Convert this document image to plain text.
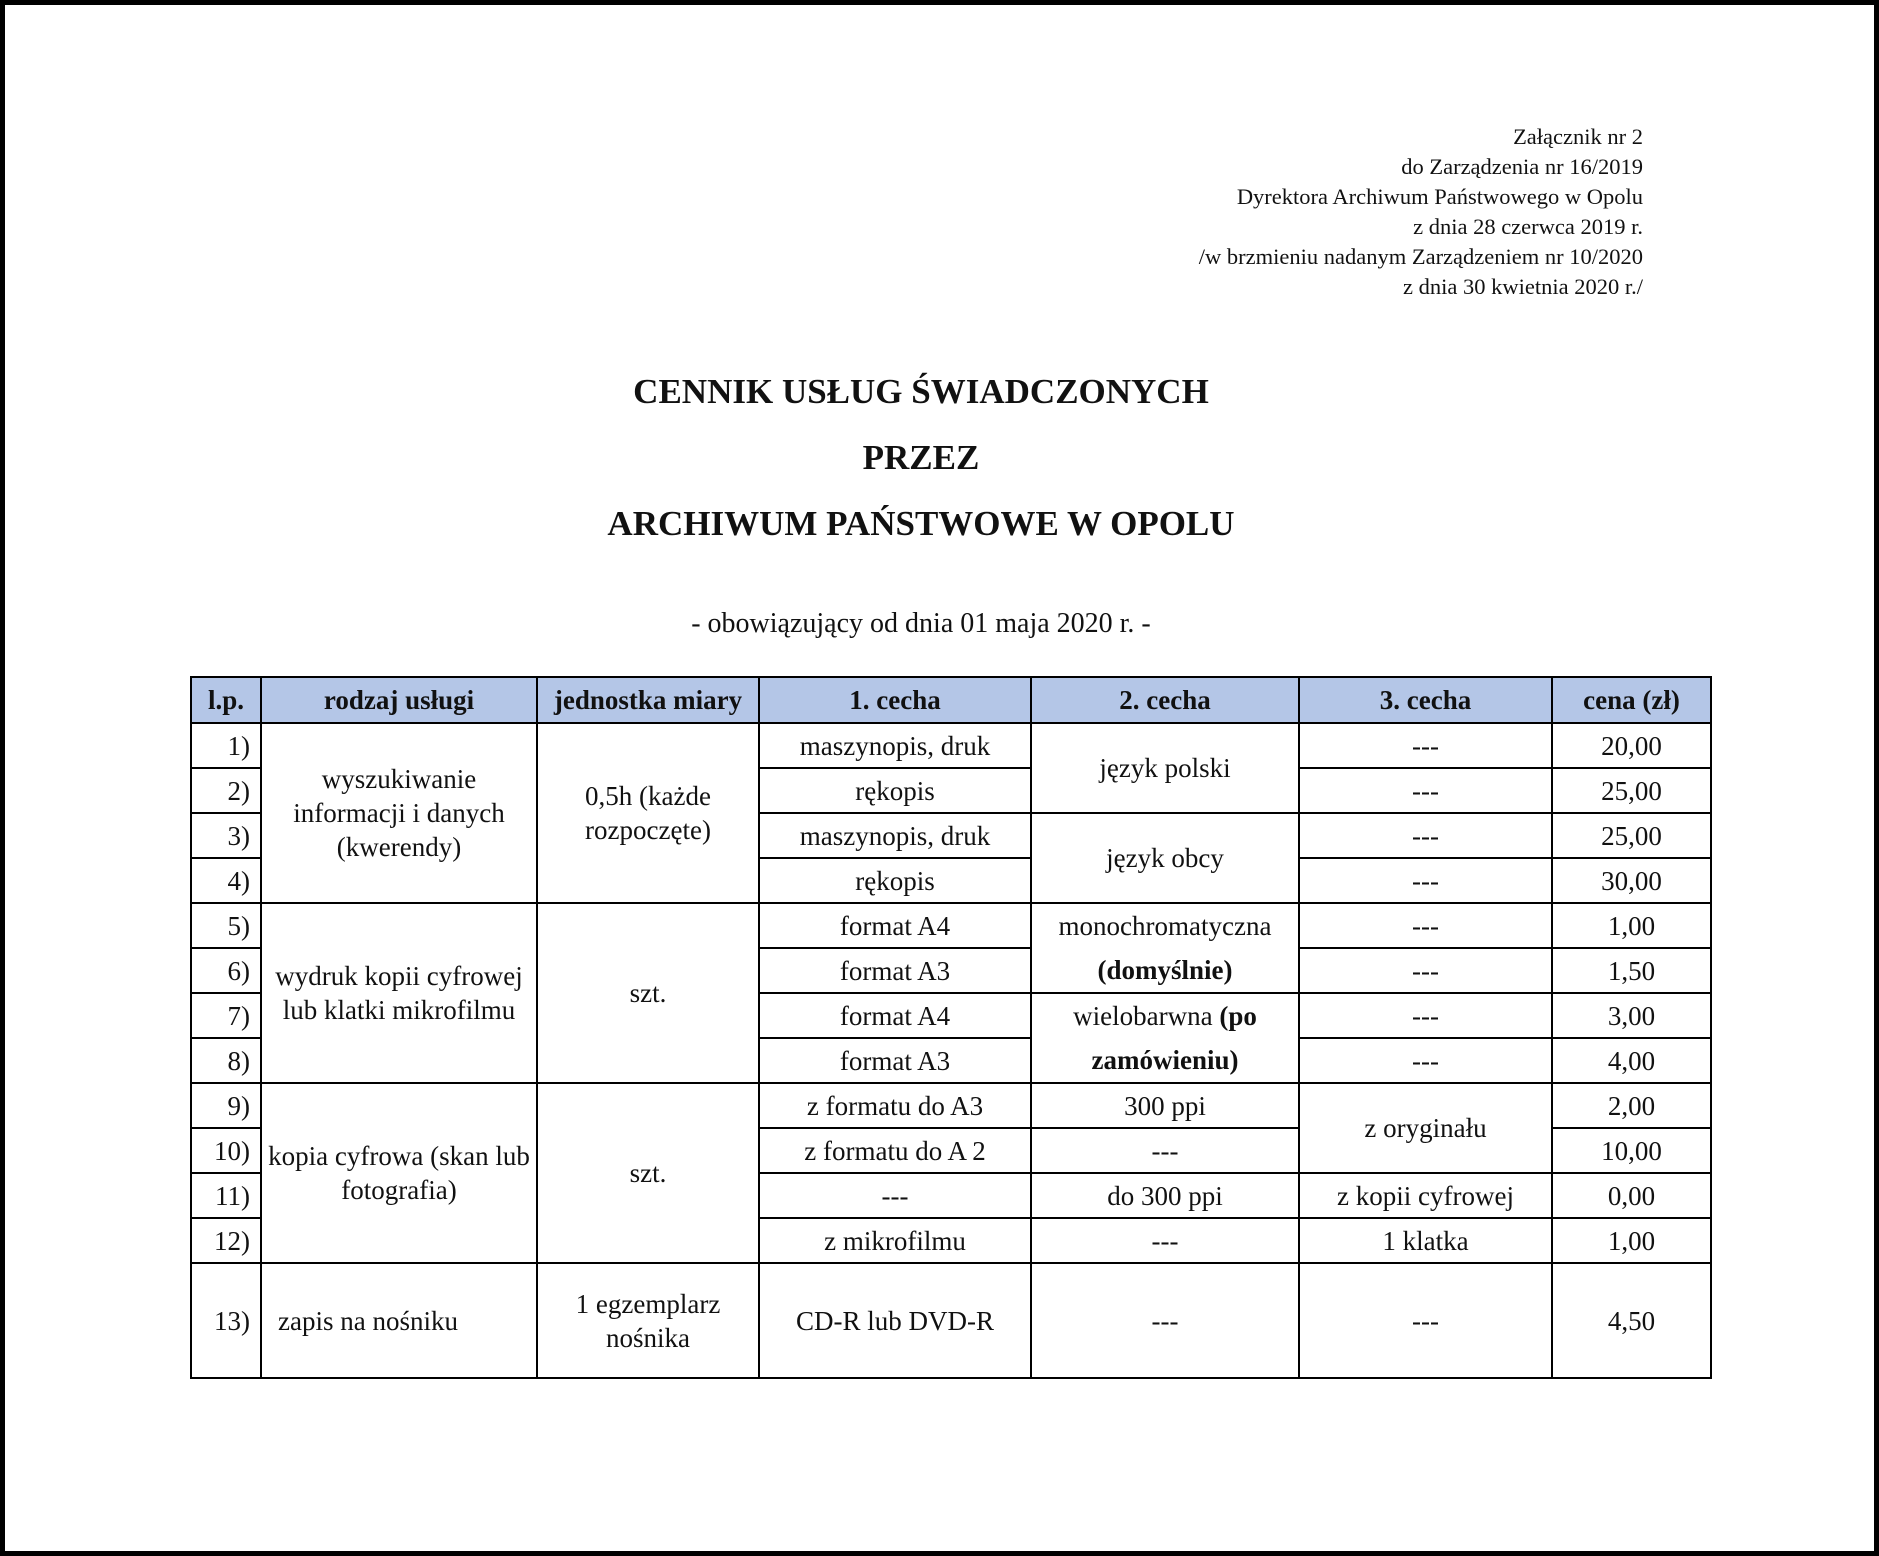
Załącznik nr 2
do Zarządzenia nr 16/2019
Dyrektora Archiwum Państwowego w Opolu
z dnia 28 czerwca 2019 r.
/w brzmieniu nadanym Zarządzeniem nr 10/2020
z dnia 30 kwietnia 2020 r./
CENNIK USŁUG ŚWIADCZONYCH
PRZEZ
ARCHIWUM PAŃSTWOWE W OPOLU
- obowiązujący od dnia 01 maja 2020 r. -
l.p.	rodzaj usługi	jednostka miary	1. cecha	2. cecha	3. cecha	cena (zł)
1)	wyszukiwanie informacji i danych (kwerendy)	0,5h (każde rozpoczęte)	maszynopis, druk	język polski	---	20,00
2)			rękopis		---	25,00
3)			maszynopis, druk	język obcy	---	25,00
4)			rękopis		---	30,00
5)	wydruk kopii cyfrowej lub klatki mikrofilmu	szt.	format A4	monochromatyczna	---	1,00
6)			format A3	(domyślnie)	---	1,50
7)			format A4	wielobarwna (po	---	3,00
8)			format A3	zamówieniu)	---	4,00
9)	kopia cyfrowa (skan lub fotografia)	szt.	z formatu do A3	300 ppi	z oryginału	2,00
10)			z formatu do A 2	---		10,00
11)			---	do 300 ppi	z kopii cyfrowej	0,00
12)			z mikrofilmu	---	1 klatka	1,00
13)	zapis na nośniku	1 egzemplarz nośnika	CD-R lub DVD-R	---	---	4,50
